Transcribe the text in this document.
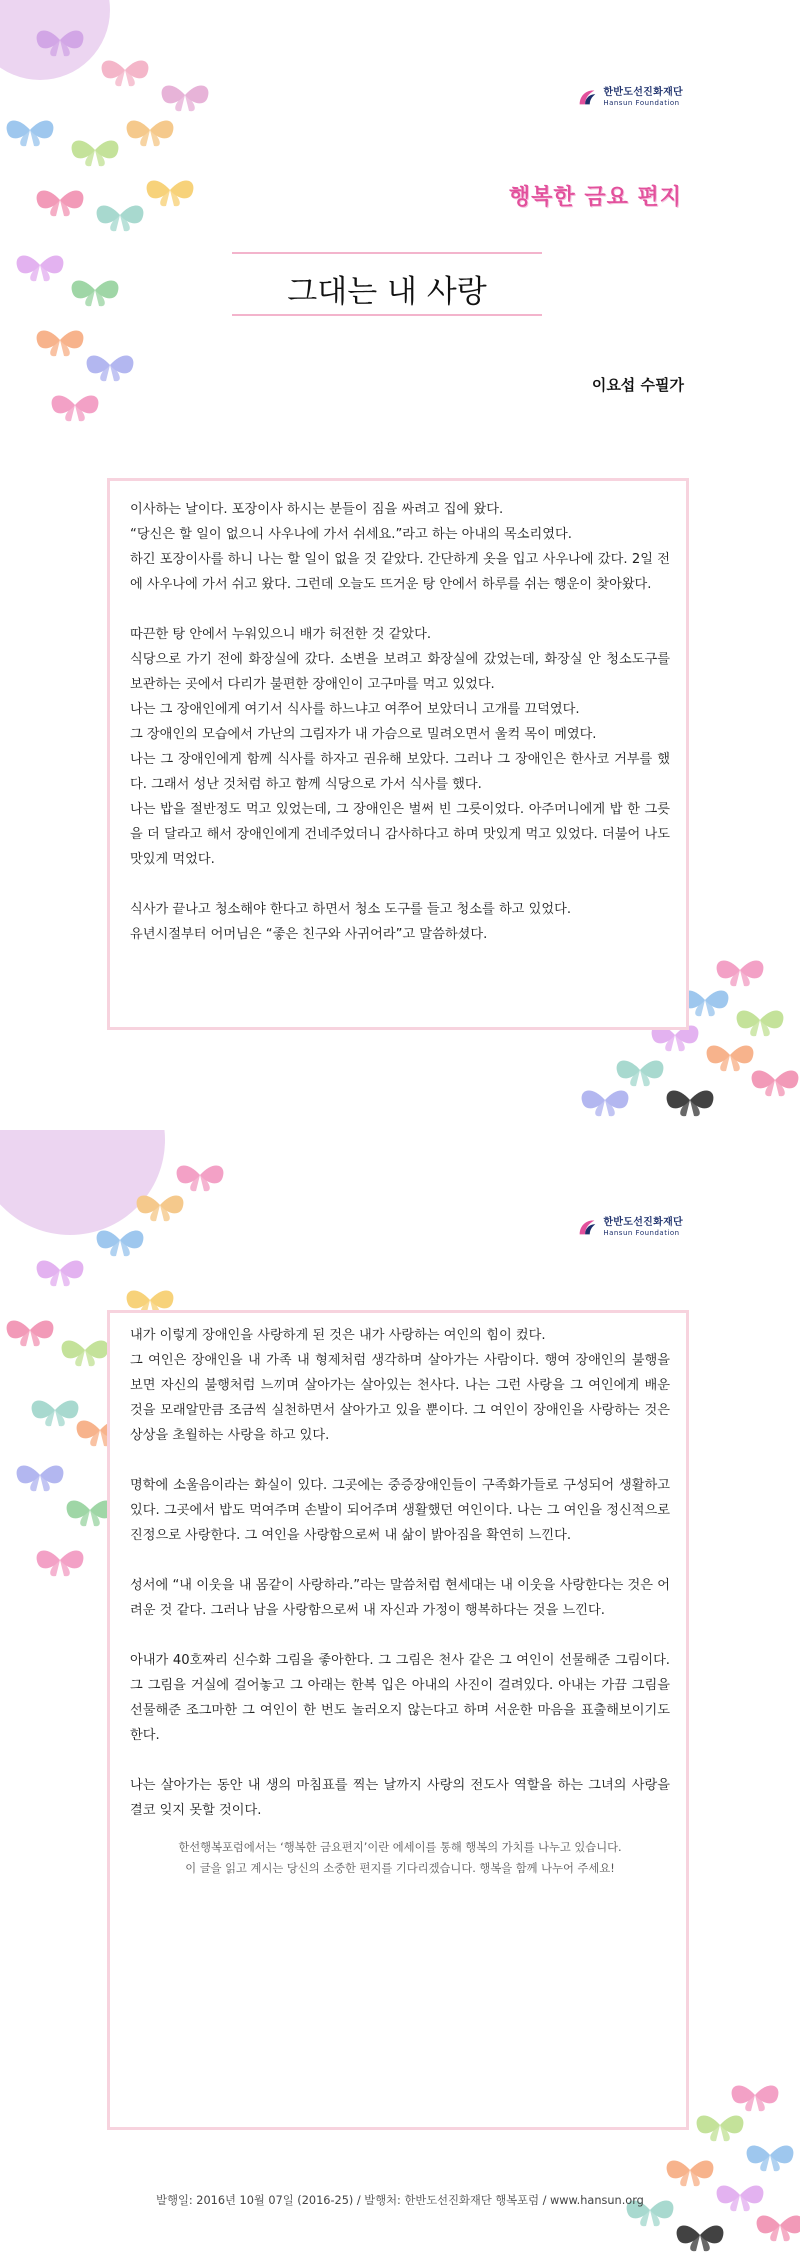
한반도선진화재단
Hansun Foundation
행복한 금요 편지
그대는 내 사랑
이요섭 수필가

이사하는 날이다. 포장이사 하시는 분들이 짐을 싸려고 집에 왔다.

“당신은 할 일이 없으니 사우나에 가서 쉬세요.”라고 하는 아내의 목소리였다.

하긴 포장이사를 하니 나는 할 일이 없을 것 같았다. 간단하게 옷을 입고 사우나에 갔다. 2일 전에 사우나에 가서 쉬고 왔다. 그런데 오늘도 뜨거운 탕 안에서 하루를 쉬는 행운이 찾아왔다.

따끈한 탕 안에서 누워있으니 배가 허전한 것 같았다.

식당으로 가기 전에 화장실에 갔다. 소변을 보려고 화장실에 갔었는데, 화장실 안 청소도구를 보관하는 곳에서 다리가 불편한 장애인이 고구마를 먹고 있었다.

나는 그 장애인에게 여기서 식사를 하느냐고 여쭈어 보았더니 고개를 끄덕였다.

그 장애인의 모습에서 가난의 그림자가 내 가슴으로 밀려오면서 울컥 목이 메였다.

나는 그 장애인에게 함께 식사를 하자고 권유해 보았다. 그러나 그 장애인은 한사코 거부를 했다. 그래서 성난 것처럼 하고 함께 식당으로 가서 식사를 했다.

나는 밥을 절반정도 먹고 있었는데, 그 장애인은 벌써 빈 그릇이었다. 아주머니에게 밥 한 그릇을 더 달라고 해서 장애인에게 건네주었더니 감사하다고 하며 맛있게 먹고 있었다. 더불어 나도 맛있게 먹었다.

식사가 끝나고 청소해야 한다고 하면서 청소 도구를 들고 청소를 하고 있었다.

유년시절부터 어머님은 “좋은 친구와 사귀어라”고 말씀하셨다.

한반도선진화재단
Hansun Foundation

내가 이렇게 장애인을 사랑하게 된 것은 내가 사랑하는 여인의 힘이 컸다.

그 여인은 장애인을 내 가족 내 형제처럼 생각하며 살아가는 사람이다. 행여 장애인의 불행을 보면 자신의 불행처럼 느끼며 살아가는 살아있는 천사다. 나는 그런 사랑을 그 여인에게 배운 것을 모래알만큼 조금씩 실천하면서 살아가고 있을 뿐이다. 그 여인이 장애인을 사랑하는 것은 상상을 초월하는 사랑을 하고 있다.

명학에 소울음이라는 화실이 있다. 그곳에는 중증장애인들이 구족화가들로 구성되어 생활하고 있다. 그곳에서 밥도 먹여주며 손발이 되어주며 생활했던 여인이다. 나는 그 여인을 정신적으로 진정으로 사랑한다. 그 여인을 사랑함으로써 내 삶이 밝아짐을 확연히 느낀다.

성서에 “내 이웃을 내 몸같이 사랑하라.”라는 말씀처럼 현세대는 내 이웃을 사랑한다는 것은 어려운 것 같다. 그러나 남을 사랑함으로써 내 자신과 가정이 행복하다는 것을 느낀다.

아내가 40호짜리 신수화 그림을 좋아한다. 그 그림은 천사 같은 그 여인이 선물해준 그림이다. 그 그림을 거실에 걸어놓고 그 아래는 한복 입은 아내의 사진이 걸려있다. 아내는 가끔 그림을 선물해준 조그마한 그 여인이 한 번도 놀러오지 않는다고 하며 서운한 마음을 표출해보이기도 한다.

나는 살아가는 동안 내 생의 마침표를 찍는 날까지 사랑의 전도사 역할을 하는 그녀의 사랑을 결코 잊지 못할 것이다.

한선행복포럼에서는 ‘행복한 금요편지’이란 에세이를 통해 행복의 가치를 나누고 있습니다.
이 글을 읽고 계시는 당신의 소중한 편지를 기다리겠습니다. 행복을 함께 나누어 주세요!
발행일: 2016년 10월 07일 (2016-25) / 발행처: 한반도선진화재단 행복포럼 / www.hansun.org
